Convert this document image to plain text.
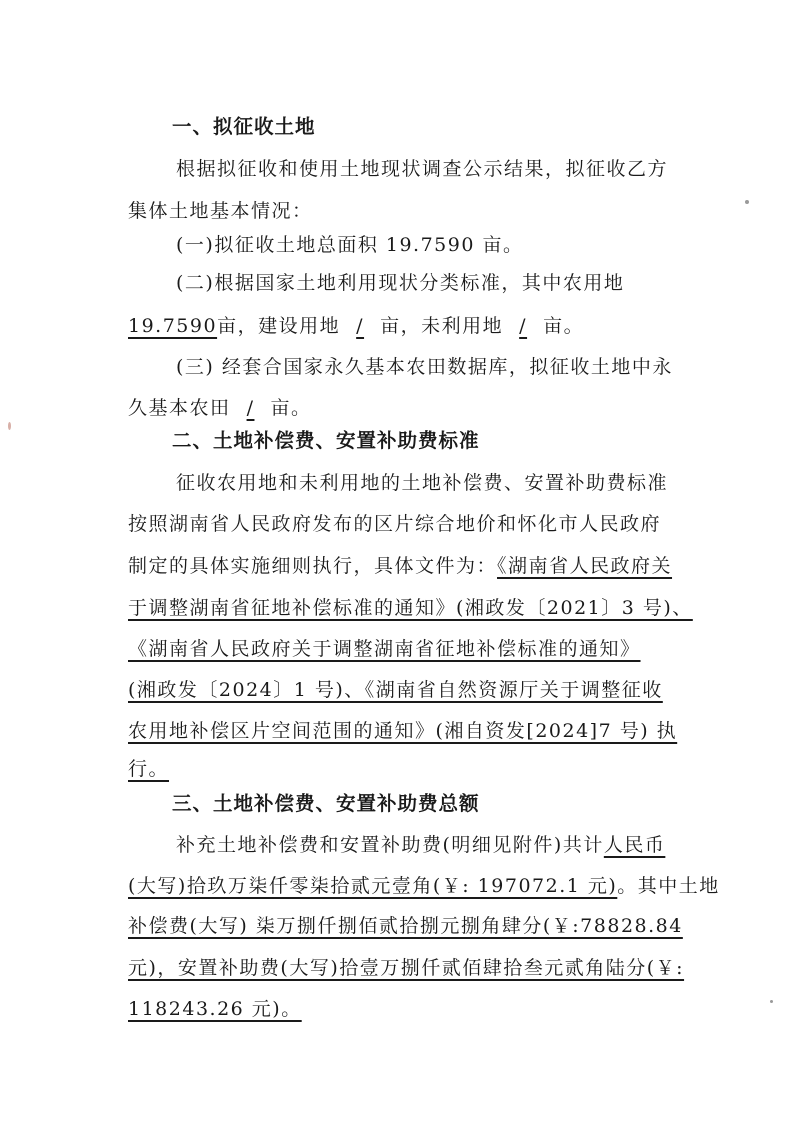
一、拟征收土地
根据拟征收和使用土地现状调查公示结果，拟征收乙方
集体土地基本情况：
(一)拟征收土地总面积 19.7590 亩。
(二)根据国家土地利用现状分类标准，其中农用地
19.7590亩，建设用地 / 亩，未利用地 / 亩。
(三) 经套合国家永久基本农田数据库，拟征收土地中永
久基本农田 / 亩。
二、土地补偿费、安置补助费标准
征收农用地和未利用地的土地补偿费、安置补助费标准
按照湖南省人民政府发布的区片综合地价和怀化市人民政府
制定的具体实施细则执行，具体文件为：《湖南省人民政府关
于调整湖南省征地补偿标准的通知》(湘政发〔2021〕3 号)、
《湖南省人民政府关于调整湖南省征地补偿标准的通知》
(湘政发〔2024〕1 号)、《湖南省自然资源厅关于调整征收
农用地补偿区片空间范围的通知》(湘自资发[2024]7 号) 执
行。
三、土地补偿费、安置补助费总额
补充土地补偿费和安置补助费(明细见附件)共计人民币
(大写)拾玖万柒仟零柒拾贰元壹角(￥: 197072.1 元)。其中土地
补偿费(大写) 柒万捌仟捌佰贰拾捌元捌角肆分(￥:78828.84
元)，安置补助费(大写)拾壹万捌仟贰佰肆拾叁元贰角陆分(￥:
118243.26 元)。
